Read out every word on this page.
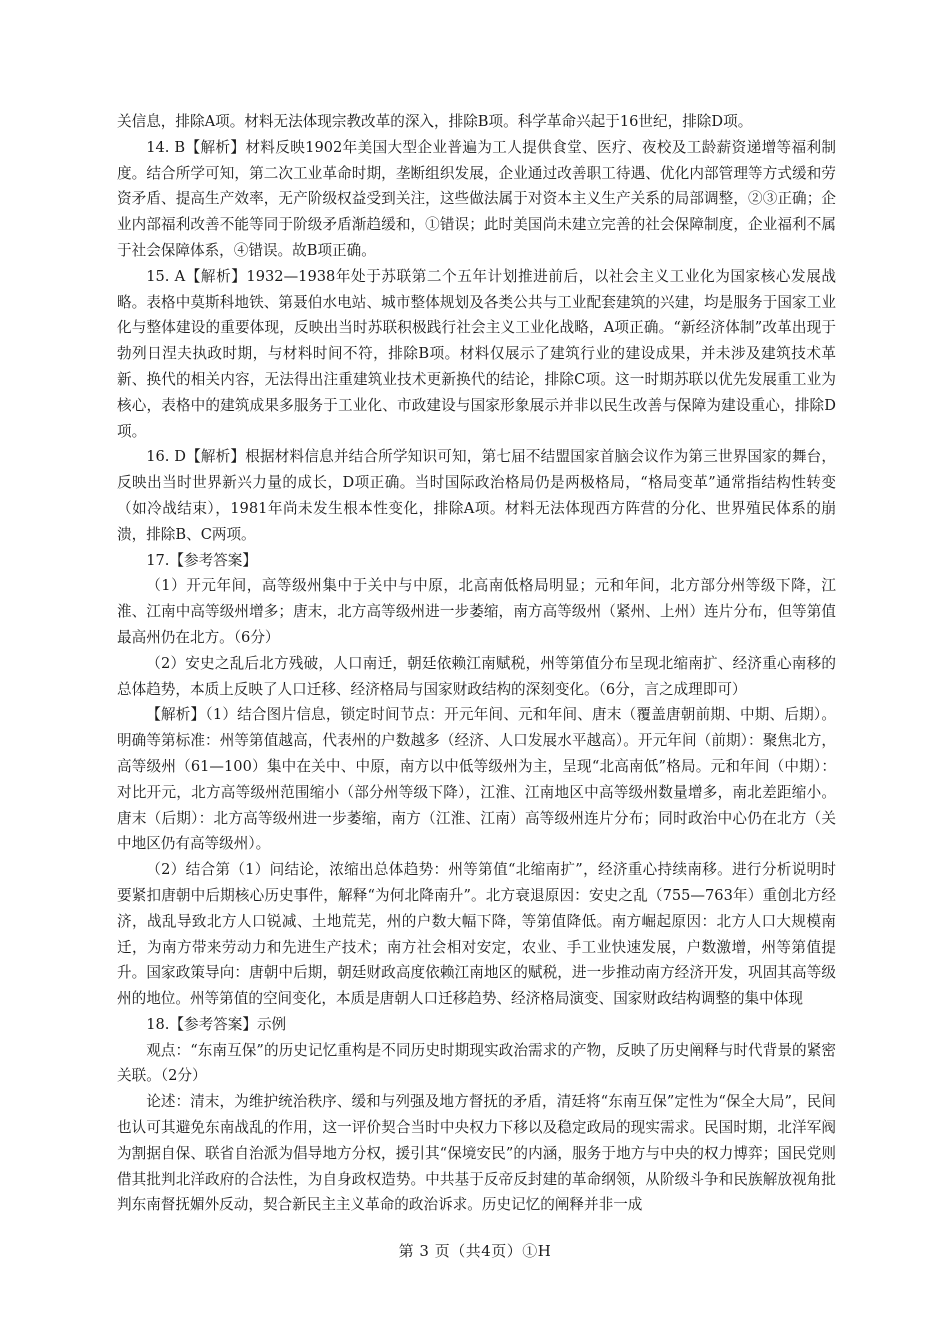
关信息，排除A项。材料无法体现宗教改革的深入，排除B项。科学革命兴起于16世纪，排除D项。

14. B【解析】材料反映1902年美国大型企业普遍为工人提供食堂、医疗、夜校及工龄薪资递增等福利制度。结合所学可知，第二次工业革命时期，垄断组织发展，企业通过改善职工待遇、优化内部管理等方式缓和劳资矛盾、提高生产效率，无产阶级权益受到关注，这些做法属于对资本主义生产关系的局部调整，②③正确；企业内部福利改善不能等同于阶级矛盾渐趋缓和，①错误；此时美国尚未建立完善的社会保障制度，企业福利不属于社会保障体系，④错误。故B项正确。

15. A【解析】1932—1938年处于苏联第二个五年计划推进前后，以社会主义工业化为国家核心发展战略。表格中莫斯科地铁、第聂伯水电站、城市整体规划及各类公共与工业配套建筑的兴建，均是服务于国家工业化与整体建设的重要体现，反映出当时苏联积极践行社会主义工业化战略，A项正确。“新经济体制”改革出现于勃列日涅夫执政时期，与材料时间不符，排除B项。材料仅展示了建筑行业的建设成果，并未涉及建筑技术革新、换代的相关内容，无法得出注重建筑业技术更新换代的结论，排除C项。这一时期苏联以优先发展重工业为核心，表格中的建筑成果多服务于工业化、市政建设与国家形象展示并非以民生改善与保障为建设重心，排除D项。

16. D【解析】根据材料信息并结合所学知识可知，第七届不结盟国家首脑会议作为第三世界国家的舞台，反映出当时世界新兴力量的成长，D项正确。当时国际政治格局仍是两极格局，“格局变革”通常指结构性转变（如冷战结束），1981年尚未发生根本性变化，排除A项。材料无法体现西方阵营的分化、世界殖民体系的崩溃，排除B、C两项。

17.【参考答案】

（1）开元年间，高等级州集中于关中与中原，北高南低格局明显；元和年间，北方部分州等级下降，江淮、江南中高等级州增多；唐末，北方高等级州进一步萎缩，南方高等级州（紧州、上州）连片分布，但等第值最高州仍在北方。（6分）

（2）安史之乱后北方残破，人口南迁，朝廷依赖江南赋税，州等第值分布呈现北缩南扩、经济重心南移的总体趋势，本质上反映了人口迁移、经济格局与国家财政结构的深刻变化。（6分，言之成理即可）

【解析】（1）结合图片信息，锁定时间节点：开元年间、元和年间、唐末（覆盖唐朝前期、中期、后期）。明确等第标准：州等第值越高，代表州的户数越多（经济、人口发展水平越高）。开元年间（前期）：聚焦北方，高等级州（61—100）集中在关中、中原，南方以中低等级州为主，呈现“北高南低”格局。元和年间（中期）：对比开元，北方高等级州范围缩小（部分州等级下降），江淮、江南地区中高等级州数量增多，南北差距缩小。唐末（后期）：北方高等级州进一步萎缩，南方（江淮、江南）高等级州连片分布；同时政治中心仍在北方（关中地区仍有高等级州）。

（2）结合第（1）问结论，浓缩出总体趋势：州等第值“北缩南扩”，经济重心持续南移。进行分析说明时要紧扣唐朝中后期核心历史事件，解释“为何北降南升”。北方衰退原因：安史之乱（755—763年）重创北方经济，战乱导致北方人口锐减、土地荒芜，州的户数大幅下降，等第值降低。南方崛起原因：北方人口大规模南迁，为南方带来劳动力和先进生产技术；南方社会相对安定，农业、手工业快速发展，户数激增，州等第值提升。国家政策导向：唐朝中后期，朝廷财政高度依赖江南地区的赋税，进一步推动南方经济开发，巩固其高等级州的地位。州等第值的空间变化，本质是唐朝人口迁移趋势、经济格局演变、国家财政结构调整的集中体现

18.【参考答案】示例

观点：“东南互保”的历史记忆重构是不同历史时期现实政治需求的产物，反映了历史阐释与时代背景的紧密关联。（2分）

论述：清末，为维护统治秩序、缓和与列强及地方督抚的矛盾，清廷将“东南互保”定性为“保全大局”，民间也认可其避免东南战乱的作用，这一评价契合当时中央权力下移以及稳定政局的现实需求。民国时期，北洋军阀为割据自保、联省自治派为倡导地方分权，援引其“保境安民”的内涵，服务于地方与中央的权力博弈；国民党则借其批判北洋政府的合法性，为自身政权造势。中共基于反帝反封建的革命纲领，从阶级斗争和民族解放视角批判东南督抚媚外反动，契合新民主主义革命的政治诉求。历史记忆的阐释并非一成

第 3 页（共4页）①H
